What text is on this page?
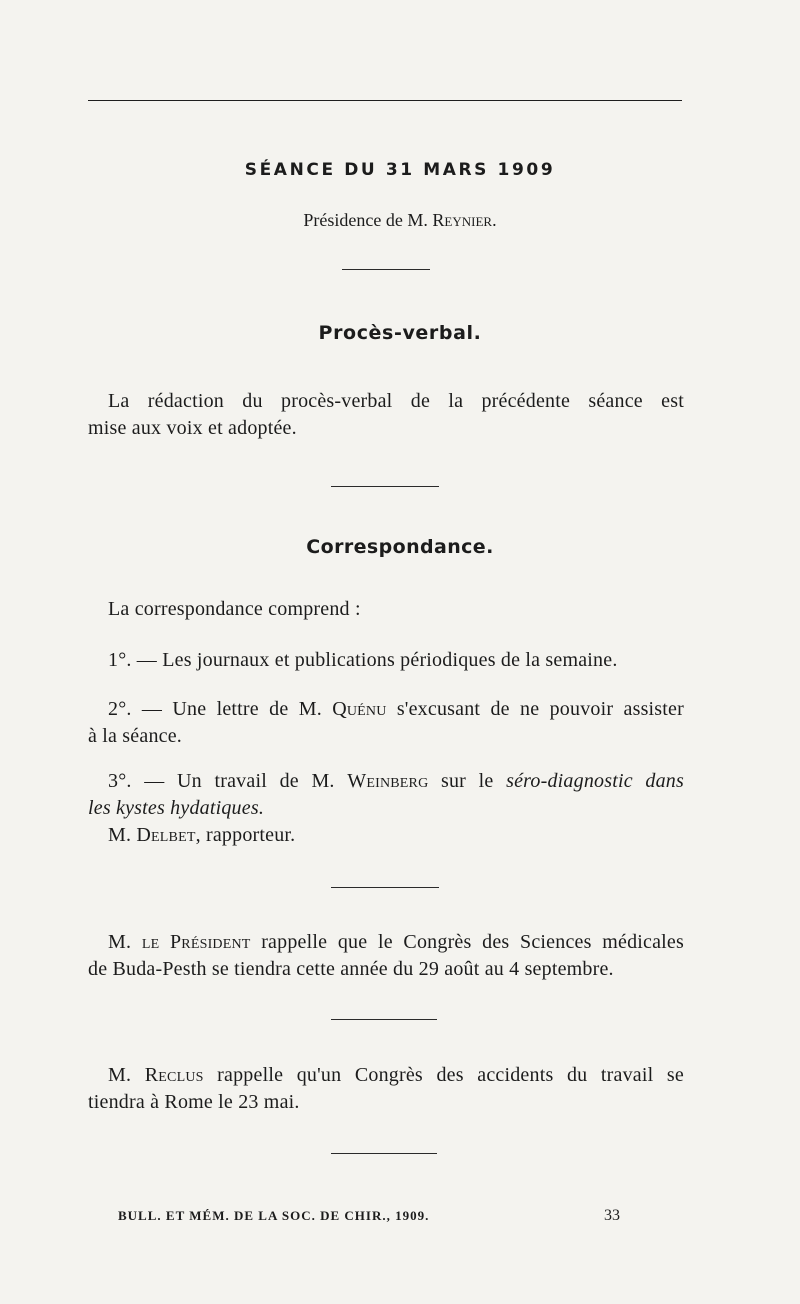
SÉANCE DU 31 MARS 1909
Présidence de M. Reynier.
Procès-verbal.
La rédaction du procès-verbal de la précédente séance est
mise aux voix et adoptée.
Correspondance.
La correspondance comprend :
1°. — Les journaux et publications périodiques de la semaine.
2°. — Une lettre de M. Quénu s'excusant de ne pouvoir assister
à la séance.
3°. — Un travail de M. Weinberg sur le séro-diagnostic dans
les kystes hydatiques.
M. Delbet, rapporteur.
M. le Président rappelle que le Congrès des Sciences médicales
de Buda-Pesth se tiendra cette année du 29 août au 4 septembre.
M. Reclus rappelle qu'un Congrès des accidents du travail se
tiendra à Rome le 23 mai.
BULL. ET MÉM. DE LA SOC. DE CHIR., 1909.	33
